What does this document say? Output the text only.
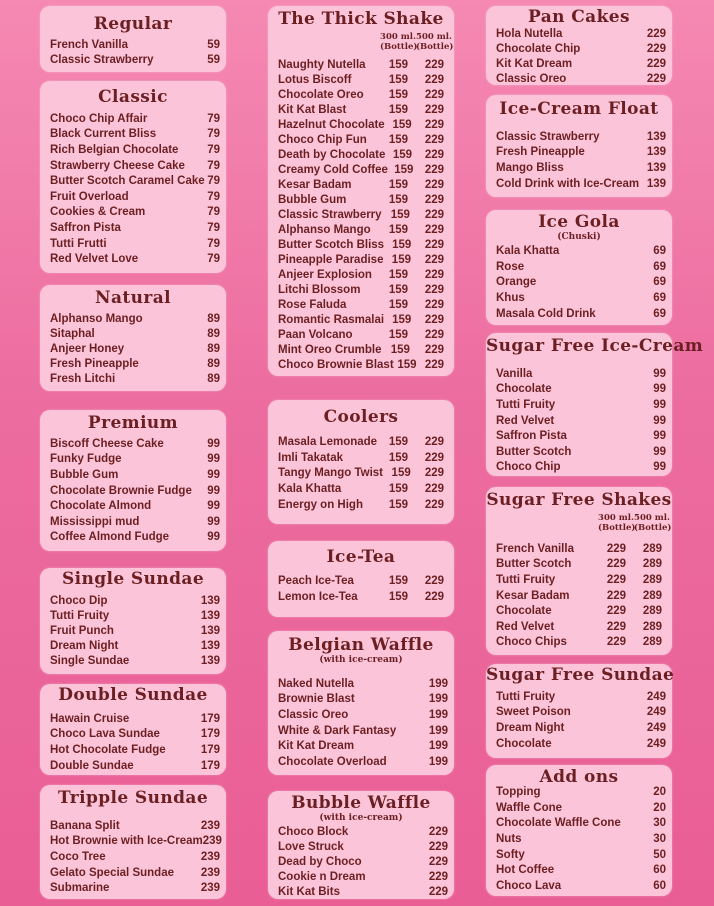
Regular
French Vanilla	59
Classic Strawberry	59
Classic
Choco Chip Affair	79
Black Current Bliss	79
Rich Belgian Chocolate	79
Strawberry Cheese Cake	79
Butter Scotch Caramel Cake 79
Fruit Overload	79
Cookies & Cream	79
Saffron Pista	79
Tutti Frutti	79
Red Velvet Love	79
Natural
Alphanso Mango	89
Sitaphal	89
Anjeer Honey	89
Fresh Pineapple	89
Fresh Litchi	89
Premium
Biscoff Cheese Cake	99
Funky Fudge	99
Bubble Gum	99
Chocolate Brownie Fudge	99
Chocolate Almond	99
Mississippi mud	99
Coffee Almond Fudge	99
Single Sundae
Choco Dip	139
Tutti Fruity	139
Fruit Punch	139
Dream Night	139
Single Sundae	139
Double Sundae
Hawain Cruise	179
Choco Lava Sundae	179
Hot Chocolate Fudge	179
Double Sundae	179
Tripple Sundae
Banana Split	239
Hot Brownie with Ice-Cream 239
Coco Tree	239
Gelato Special Sundae	239
Submarine	239
The Thick Shake
300 ml.
(Bottle)
500 ml.
(Bottle)
Naughty Nutella	159	229
Lotus Biscoff	159	229
Chocolate Oreo	159	229
Kit Kat Blast	159	229
Hazelnut Chocolate 159	229
Choco Chip Fun	159	229
Death by Chocolate 159	229
Creamy Cold Coffee 159 229
Kesar Badam	159	229
Bubble Gum	159	229
Classic Strawberry 159	229
Alphanso Mango	159	229
Butter Scotch Bliss 159	229
Pineapple Paradise 159	229
Anjeer Explosion	159	229
Litchi Blossom	159	229
Rose Faluda	159	229
Romantic Rasmalai 159	229
Paan Volcano	159	229
Mint Oreo Crumble 159	229
Choco Brownie Blast 159 229
Coolers
Masala Lemonade	159	229
Imli Takatak	159	229
Tangy Mango Twist 159	229
Kala Khatta	159	229
Energy on High	159	229
Ice-Tea
Peach Ice-Tea	159	229
Lemon Ice-Tea	159	229
Belgian Waffle
(with ice-cream)
Naked Nutella	199
Brownie Blast	199
Classic Oreo	199
White & Dark Fantasy	199
Kit Kat Dream	199
Chocolate Overload	199
Bubble Waffle
(with ice-cream)
Choco Block	229
Love Struck	229
Dead by Choco	229
Cookie n Dream	229
Kit Kat Bits	229
Pan Cakes
Hola Nutella	229
Chocolate Chip	229
Kit Kat Dream	229
Classic Oreo	229
Ice-Cream Float
Classic Strawberry	139
Fresh Pineapple	139
Mango Bliss	139
Cold Drink with Ice-Cream 139
Ice Gola
(Chuski)
Kala Khatta	69
Rose	69
Orange	69
Khus	69
Masala Cold Drink	69
Sugar Free Ice-Cream
Vanilla	99
Chocolate	99
Tutti Fruity	99
Red Velvet	99
Saffron Pista	99
Butter Scotch	99
Choco Chip	99
Sugar Free Shakes
300 ml.
(Bottle)
500 ml.
(Bottle)
French Vanilla	229	289
Butter Scotch	229	289
Tutti Fruity	229	289
Kesar Badam	229	289
Chocolate	229	289
Red Velvet	229	289
Choco Chips	229	289
Sugar Free Sundae
Tutti Fruity	249
Sweet Poison	249
Dream Night	249
Chocolate	249
Add ons
Topping	20
Waffle Cone	20
Chocolate Waffle Cone	30
Nuts	30
Softy	50
Hot Coffee	60
Choco Lava	60
